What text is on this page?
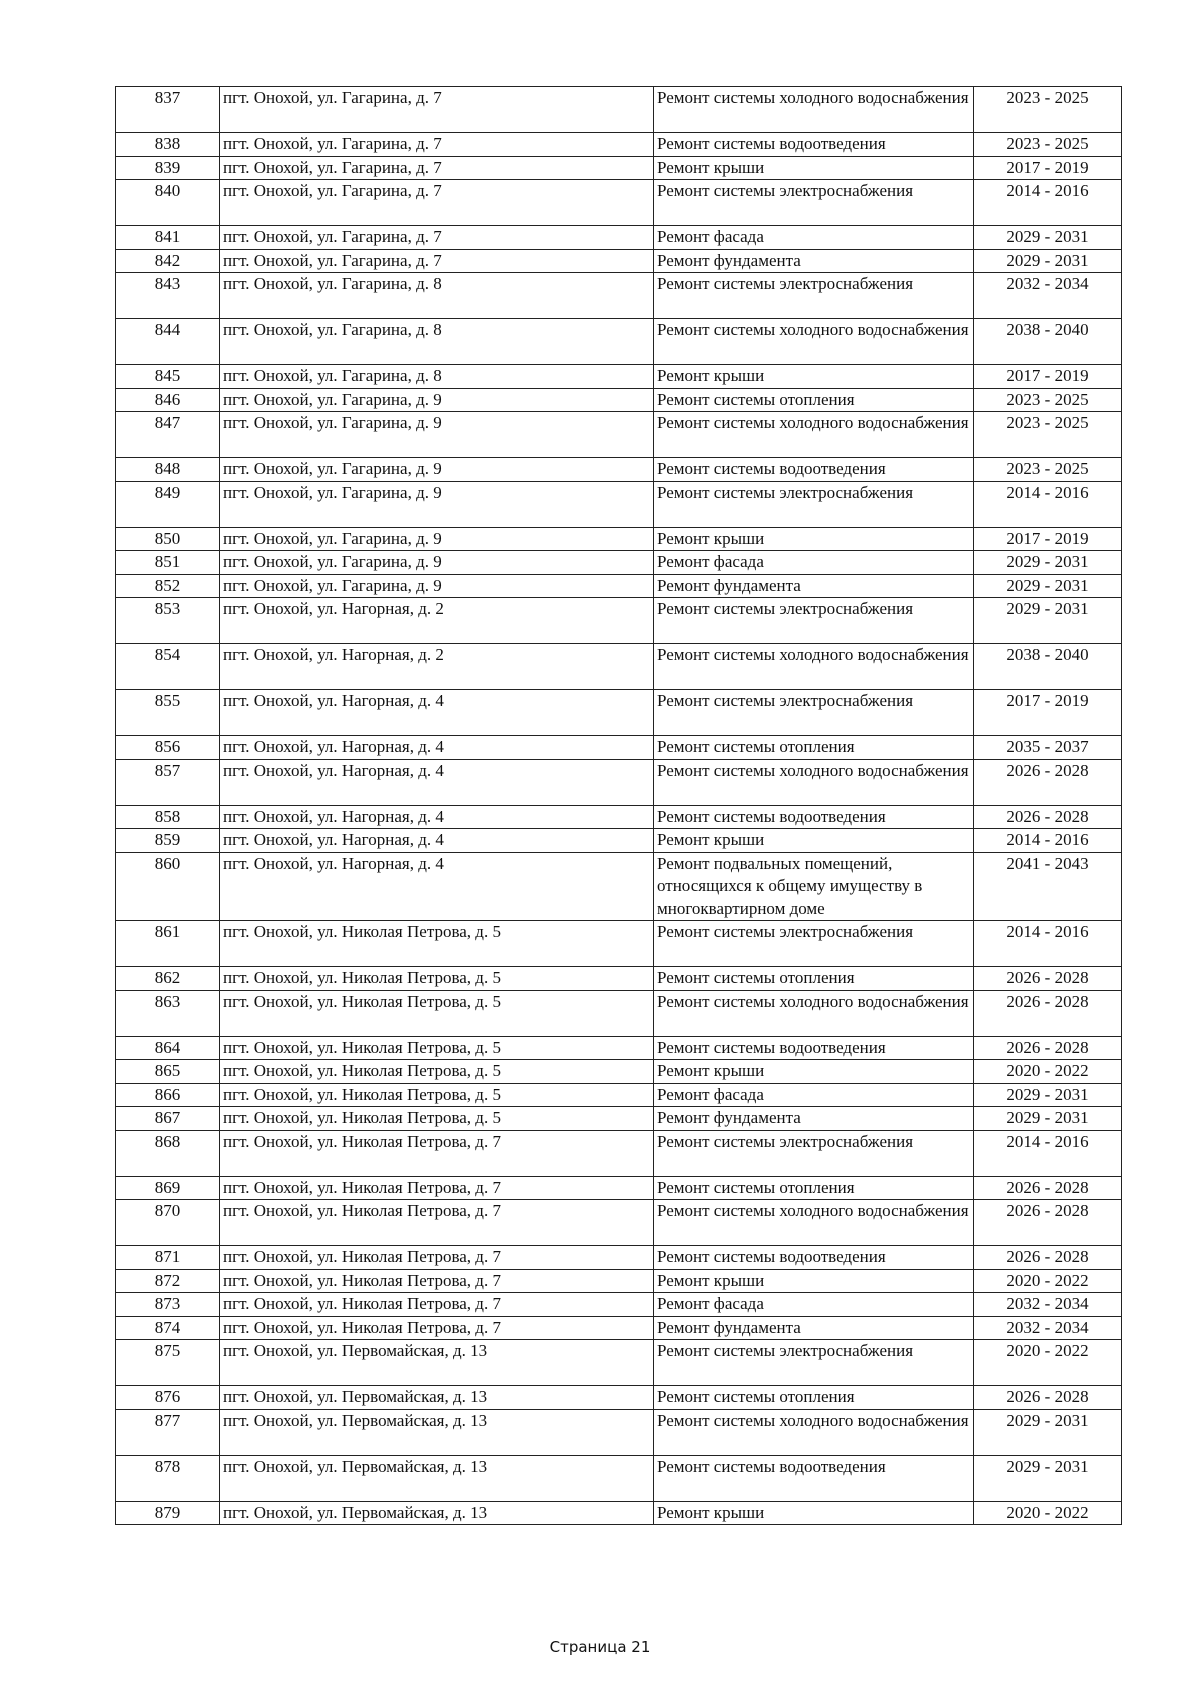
837	пгт. Онохой, ул. Гагарина, д. 7	Ремонт системы холодного водоснабжения	2023 - 2025
838	пгт. Онохой, ул. Гагарина, д. 7	Ремонт системы водоотведения	2023 - 2025
839	пгт. Онохой, ул. Гагарина, д. 7	Ремонт крыши	2017 - 2019
840	пгт. Онохой, ул. Гагарина, д. 7	Ремонт системы электроснабжения	2014 - 2016
841	пгт. Онохой, ул. Гагарина, д. 7	Ремонт фасада	2029 - 2031
842	пгт. Онохой, ул. Гагарина, д. 7	Ремонт фундамента	2029 - 2031
843	пгт. Онохой, ул. Гагарина, д. 8	Ремонт системы электроснабжения	2032 - 2034
844	пгт. Онохой, ул. Гагарина, д. 8	Ремонт системы холодного водоснабжения	2038 - 2040
845	пгт. Онохой, ул. Гагарина, д. 8	Ремонт крыши	2017 - 2019
846	пгт. Онохой, ул. Гагарина, д. 9	Ремонт системы отопления	2023 - 2025
847	пгт. Онохой, ул. Гагарина, д. 9	Ремонт системы холодного водоснабжения	2023 - 2025
848	пгт. Онохой, ул. Гагарина, д. 9	Ремонт системы водоотведения	2023 - 2025
849	пгт. Онохой, ул. Гагарина, д. 9	Ремонт системы электроснабжения	2014 - 2016
850	пгт. Онохой, ул. Гагарина, д. 9	Ремонт крыши	2017 - 2019
851	пгт. Онохой, ул. Гагарина, д. 9	Ремонт фасада	2029 - 2031
852	пгт. Онохой, ул. Гагарина, д. 9	Ремонт фундамента	2029 - 2031
853	пгт. Онохой, ул. Нагорная, д. 2	Ремонт системы электроснабжения	2029 - 2031
854	пгт. Онохой, ул. Нагорная, д. 2	Ремонт системы холодного водоснабжения	2038 - 2040
855	пгт. Онохой, ул. Нагорная, д. 4	Ремонт системы электроснабжения	2017 - 2019
856	пгт. Онохой, ул. Нагорная, д. 4	Ремонт системы отопления	2035 - 2037
857	пгт. Онохой, ул. Нагорная, д. 4	Ремонт системы холодного водоснабжения	2026 - 2028
858	пгт. Онохой, ул. Нагорная, д. 4	Ремонт системы водоотведения	2026 - 2028
859	пгт. Онохой, ул. Нагорная, д. 4	Ремонт крыши	2014 - 2016
860	пгт. Онохой, ул. Нагорная, д. 4	Ремонт подвальных помещений, относящихся к общему имуществу в многоквартирном доме	2041 - 2043
861	пгт. Онохой, ул. Николая Петрова, д. 5	Ремонт системы электроснабжения	2014 - 2016
862	пгт. Онохой, ул. Николая Петрова, д. 5	Ремонт системы отопления	2026 - 2028
863	пгт. Онохой, ул. Николая Петрова, д. 5	Ремонт системы холодного водоснабжения	2026 - 2028
864	пгт. Онохой, ул. Николая Петрова, д. 5	Ремонт системы водоотведения	2026 - 2028
865	пгт. Онохой, ул. Николая Петрова, д. 5	Ремонт крыши	2020 - 2022
866	пгт. Онохой, ул. Николая Петрова, д. 5	Ремонт фасада	2029 - 2031
867	пгт. Онохой, ул. Николая Петрова, д. 5	Ремонт фундамента	2029 - 2031
868	пгт. Онохой, ул. Николая Петрова, д. 7	Ремонт системы электроснабжения	2014 - 2016
869	пгт. Онохой, ул. Николая Петрова, д. 7	Ремонт системы отопления	2026 - 2028
870	пгт. Онохой, ул. Николая Петрова, д. 7	Ремонт системы холодного водоснабжения	2026 - 2028
871	пгт. Онохой, ул. Николая Петрова, д. 7	Ремонт системы водоотведения	2026 - 2028
872	пгт. Онохой, ул. Николая Петрова, д. 7	Ремонт крыши	2020 - 2022
873	пгт. Онохой, ул. Николая Петрова, д. 7	Ремонт фасада	2032 - 2034
874	пгт. Онохой, ул. Николая Петрова, д. 7	Ремонт фундамента	2032 - 2034
875	пгт. Онохой, ул. Первомайская, д. 13	Ремонт системы электроснабжения	2020 - 2022
876	пгт. Онохой, ул. Первомайская, д. 13	Ремонт системы отопления	2026 - 2028
877	пгт. Онохой, ул. Первомайская, д. 13	Ремонт системы холодного водоснабжения	2029 - 2031
878	пгт. Онохой, ул. Первомайская, д. 13	Ремонт системы водоотведения	2029 - 2031
879	пгт. Онохой, ул. Первомайская, д. 13	Ремонт крыши	2020 - 2022
Страница 21
